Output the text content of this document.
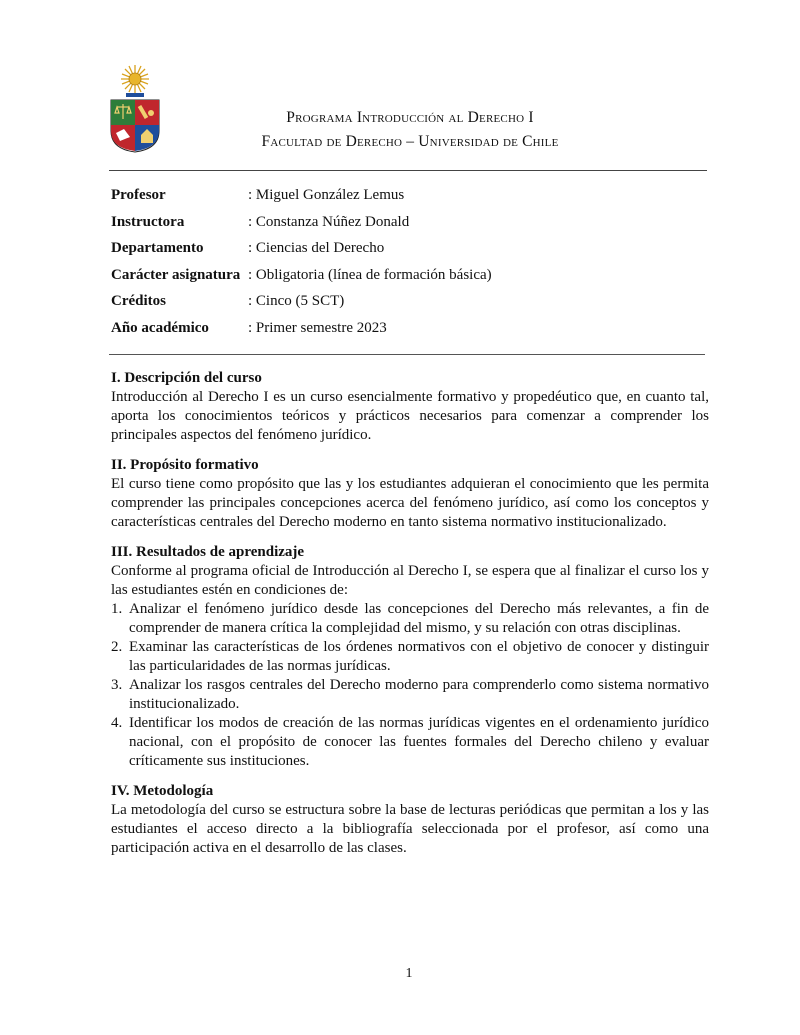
Programa Introducción al Derecho I
Facultad de Derecho – Universidad de Chile
Profesor	: Miguel González Lemus
Instructora	: Constanza Núñez Donald
Departamento	: Ciencias del Derecho
Carácter asignatura : Obligatoria (línea de formación básica)
Créditos	: Cinco (5 SCT)
Año académico	: Primer semestre 2023

I. Descripción del curso

Introducción al Derecho I es un curso esencialmente formativo y propedéutico que, en cuanto tal, aporta los conocimientos teóricos y prácticos necesarios para comenzar a comprender los principales aspectos del fenómeno jurídico.

II. Propósito formativo

El curso tiene como propósito que las y los estudiantes adquieran el conocimiento que les permita comprender las principales concepciones acerca del fenómeno jurídico, así como los conceptos y características centrales del Derecho moderno en tanto sistema normativo institucionalizado.

III. Resultados de aprendizaje

Conforme al programa oficial de Introducción al Derecho I, se espera que al finalizar el curso los y las estudiantes estén en condiciones de:

1. Analizar el fenómeno jurídico desde las concepciones del Derecho más relevantes, a fin de comprender de manera crítica la complejidad del mismo, y su relación con otras disciplinas.
2. Examinar las características de los órdenes normativos con el objetivo de conocer y distinguir las particularidades de las normas jurídicas.
3. Analizar los rasgos centrales del Derecho moderno para comprenderlo como sistema normativo institucionalizado.
4. Identificar los modos de creación de las normas jurídicas vigentes en el ordenamiento jurídico nacional, con el propósito de conocer las fuentes formales del Derecho chileno y evaluar críticamente sus instituciones.

IV. Metodología

La metodología del curso se estructura sobre la base de lecturas periódicas que permitan a los y las estudiantes el acceso directo a la bibliografía seleccionada por el profesor, así como una participación activa en el desarrollo de las clases.

1
